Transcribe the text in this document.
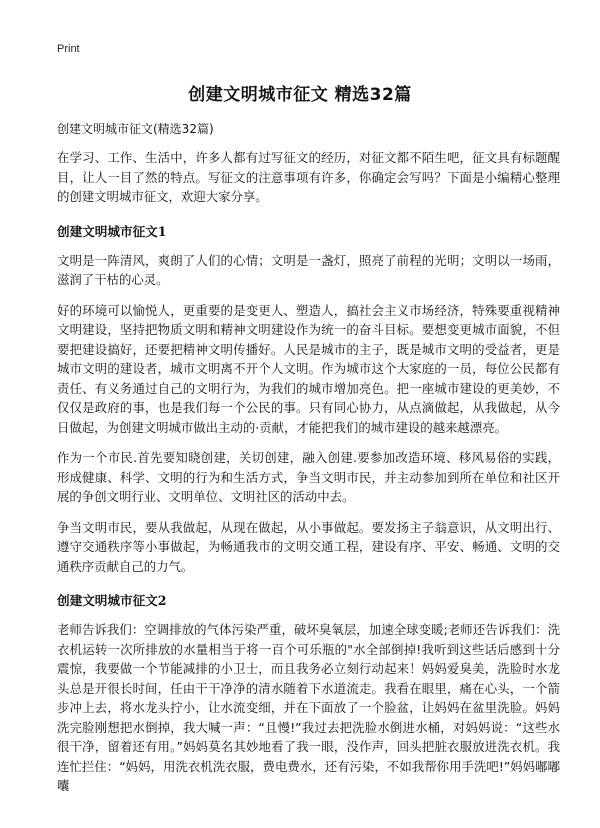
Print
创建文明城市征文 精选32篇

创建文明城市征文(精选32篇)

在学习、工作、生活中，许多人都有过写征文的经历，对征文都不陌生吧，征文具有标题醒目，让人一目了然的特点。写征文的注意事项有许多，你确定会写吗？下面是小编精心整理的创建文明城市征文，欢迎大家分享。

创建文明城市征文1

文明是一阵清风，爽朗了人们的心情；文明是一盏灯，照亮了前程的光明；文明以一场雨，滋润了干枯的心灵。

好的环境可以愉悦人，更重要的是变更人、塑造人，搞社会主义市场经济，特殊要重视精神文明建设，坚持把物质文明和精神文明建设作为统一的奋斗目标。要想变更城市面貌，不但要把建设搞好，还要把精神文明传播好。人民是城市的主子，既是城市文明的受益者，更是城市文明的建设者，城市文明离不开个人文明。作为城市这个大家庭的一员，每位公民都有责任、有义务通过自己的文明行为，为我们的城市增加亮色。把一座城市建设的更美妙，不仅仅是政府的事，也是我们每一个公民的事。只有同心协力，从点滴做起，从我做起，从今日做起，为创建文明城市做出主动的·贡献，才能把我们的城市建设的越来越漂亮。

作为一个市民.首先要知晓创建，关切创建，融入创建.要参加改造环境、移风易俗的实践，形成健康、科学、文明的行为和生活方式，争当文明市民，并主动参加到所在单位和社区开展的争创文明行业、文明单位、文明社区的活动中去。

争当文明市民，要从我做起，从现在做起，从小事做起。要发扬主子翁意识，从文明出行、遵守交通秩序等小事做起，为畅通我市的文明交通工程，建设有序、平安、畅通、文明的交通秩序贡献自己的力气。

创建文明城市征文2

老师告诉我们：空调排放的气体污染严重，破坏臭氧层，加速全球变暖;老师还告诉我们：洗衣机运转一次所排放的水量相当于将一百个可乐瓶的"水全部倒掉!我听到这些话后感到十分震惊，我要做一个节能减排的小卫士，而且我务必立刻行动起来！妈妈爱臭美，洗脸时水龙头总是开很长时间，任由干干净净的清水随着下水道流走。我看在眼里，痛在心头，一个箭步冲上去，将水龙头拧小，让水流变细，并在下面放了一个脸盆，让妈妈在盆里洗脸。妈妈洗完脸刚想把水倒掉，我大喊一声：“且慢!”我过去把洗脸水倒进水桶，对妈妈说：“这些水很干净，留着还有用。”妈妈莫名其妙地看了我一眼，没作声，回头把脏衣服放进洗衣机。我连忙拦住：“妈妈，用洗衣机洗衣服，费电费水，还有污染，不如我帮你用手洗吧!”妈妈嘟嘟囔
